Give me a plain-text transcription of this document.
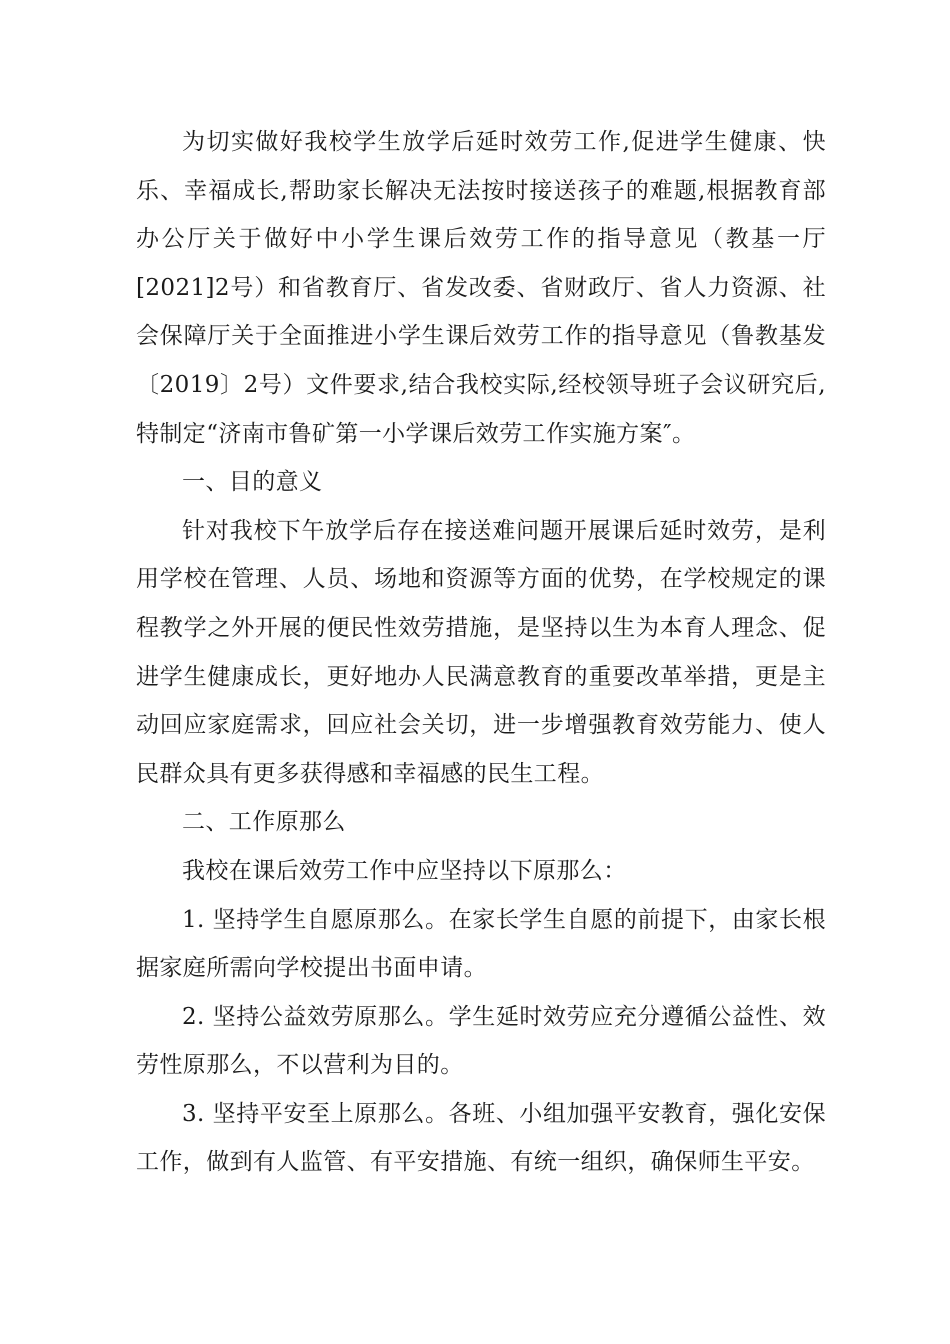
为切实做好我校学生放学后延时效劳工作,促进学生健康、快乐、幸福成长,帮助家长解决无法按时接送孩子的难题,根据教育部办公厅关于做好中小学生课后效劳工作的指导意见（教基一厅[2021]2号）和省教育厅、省发改委、省财政厅、省人力资源、社会保障厅关于全面推进小学生课后效劳工作的指导意见（鲁教基发〔2019〕2号）文件要求,结合我校实际,经校领导班子会议研究后,特制定“济南市鲁矿第一小学课后效劳工作实施方案″。

一、目的意义

针对我校下午放学后存在接送难问题开展课后延时效劳，是利用学校在管理、人员、场地和资源等方面的优势，在学校规定的课程教学之外开展的便民性效劳措施，是坚持以生为本育人理念、促进学生健康成长，更好地办人民满意教育的重要改革举措，更是主动回应家庭需求，回应社会关切，进一步增强教育效劳能力、使人民群众具有更多获得感和幸福感的民生工程。

二、工作原那么

我校在课后效劳工作中应坚持以下原那么：

1. 坚持学生自愿原那么。在家长学生自愿的前提下，由家长根据家庭所需向学校提出书面申请。

2. 坚持公益效劳原那么。学生延时效劳应充分遵循公益性、效劳性原那么，不以营利为目的。

3. 坚持平安至上原那么。各班、小组加强平安教育，强化安保工作，做到有人监管、有平安措施、有统一组织，确保师生平安。
